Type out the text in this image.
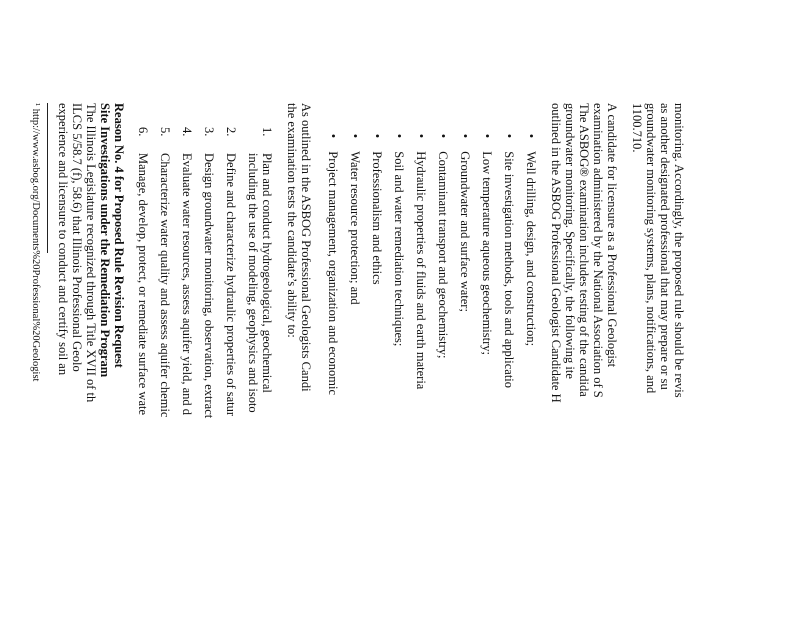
monitoring. Accordingly, the proposed rule should be revis
as another designated professional that may prepare or su
groundwater monitoring systems, plans, notifications, and
1100.710.
A candidate for licensure as a Professional Geologist
examination administered by the National Association of S
The ASBOG® examination includes testing of the candida
groundwater monitoring. Specifically, the following ite
outlined in the ASBOG Professional Geologist Candidate H
•  Well drilling, design, and construction;
•  Site investigation methods, tools and applicatio
•  Low temperature aqueous geochemistry;
•  Groundwater and surface water;
•  Contaminant transport and geochemistry;
•  Hydraulic properties of fluids and earth materia
•  Soil and water remediation techniques;
•  Professionalism and ethics
•  Water resource protection; and
•  Project management, organization and economic
As outlined in the ASBOG Professional Geologists Candi
the examination tests the candidate’s ability to:
1.Plan and conduct hydrogeological, geochemical
including the use of modeling, geophysics and isoto
2.Define and characterize hydraulic properties of satur
3.Design groundwater monitoring, observation, extract
4.Evaluate water resources, assess aquifer yield, and d
5.Characterize water quality and assess aquifer chemic
6.Manage, develop, protect, or remediate surface wate
Reason No. 4 for Proposed Rule Revision Request
Site Investigations under the Remediation Program
The Illinois Legislature recognized through Title XVII of th
ILCS 5/58.7 (f), 58.6) that Illinois Professional Geolo
experience and licensure to conduct and certify soil an
¹ http://www.asbog.org/Documents%20Professional%20Geologist
